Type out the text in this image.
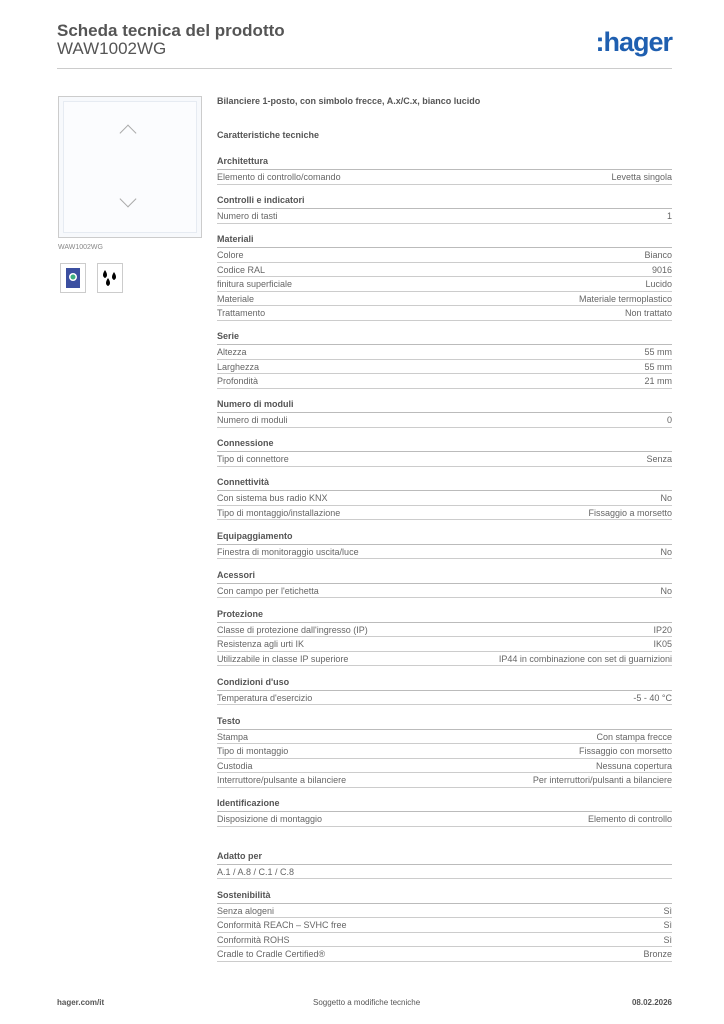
Scheda tecnica del prodotto
WAW1002WG	:hager
WAW1002WG
Bilanciere 1-posto, con simbolo frecce, A.x/C.x, bianco lucido
Caratteristiche tecniche
Architettura
Elemento di controllo/comando	Levetta singola
Controlli e indicatori
Numero di tasti	1
Materiali
Colore	Bianco
Codice RAL	9016
finitura superficiale	Lucido
Materiale	Materiale termoplastico
Trattamento	Non trattato
Serie
Altezza	55 mm
Larghezza	55 mm
Profondità	21 mm
Numero di moduli
Numero di moduli	0
Connessione
Tipo di connettore	Senza
Connettività
Con sistema bus radio KNX	No
Tipo di montaggio/installazione	Fissaggio a morsetto
Equipaggiamento
Finestra di monitoraggio uscita/luce	No
Acessori
Con campo per l'etichetta	No
Protezione
Classe di protezione dall'ingresso (IP)	IP20
Resistenza agli urti IK	IK05
Utilizzabile in classe IP superiore	IP44 in combinazione con set di guarnizioni
Condizioni d'uso
Temperatura d'esercizio	-5 - 40 °C
Testo
Stampa	Con stampa frecce
Tipo di montaggio	Fissaggio con morsetto
Custodia	Nessuna copertura
Interruttore/pulsante a bilanciere	Per interruttori/pulsanti a bilanciere
Identificazione
Disposizione di montaggio	Elemento di controllo
Adatto per
A.1 / A.8 / C.1 / C.8
Sostenibilità
Senza alogeni	Sì
Conformità REACh – SVHC free	Sì
Conformità ROHS	Sì
Cradle to Cradle Certified®	Bronze
hager.com/it	Soggetto a modifiche tecniche	08.02.2026
